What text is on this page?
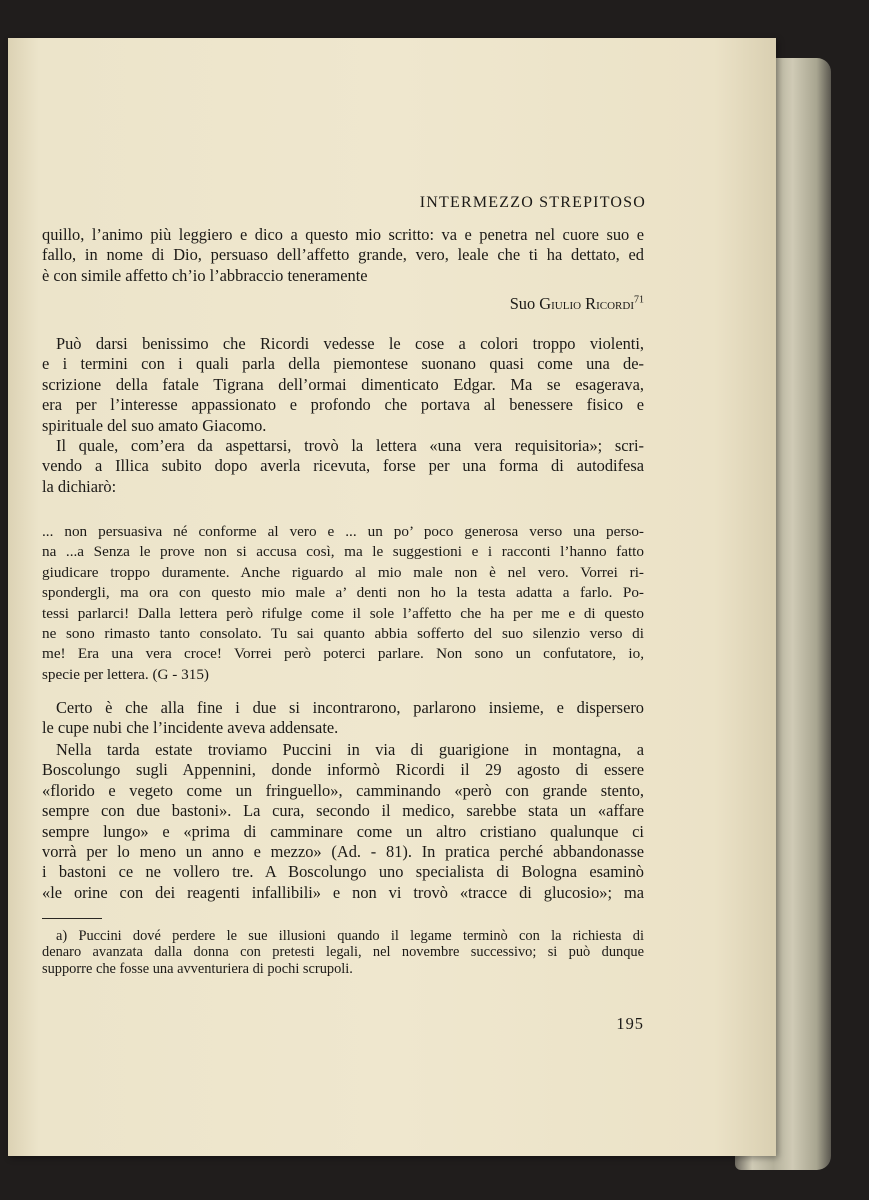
INTERMEZZO STREPITOSO
quillo, l’animo più leggiero e dico a questo mio scritto: va e penetra nel cuore suo e
fallo, in nome di Dio, persuaso dell’affetto grande, vero, leale che ti ha dettato, ed
è con simile affetto ch’io l’abbraccio teneramente
Suo Giulio Ricordi$^{71}$
Può darsi benissimo che Ricordi vedesse le cose a colori troppo violenti,
e i termini con i quali parla della piemontese suonano quasi come una de-
scrizione della fatale Tigrana dell’ormai dimenticato Edgar. Ma se esagerava,
era per l’interesse appassionato e profondo che portava al benessere fisico e
spirituale del suo amato Giacomo.
Il quale, com’era da aspettarsi, trovò la lettera «una vera requisitoria»; scri-
vendo a Illica subito dopo averla ricevuta, forse per una forma di autodifesa
la dichiarò:
... non persuasiva né conforme al vero e ... un po’ poco generosa verso una perso-
na ...a Senza le prove non si accusa così, ma le suggestioni e i racconti l’hanno fatto
giudicare troppo duramente. Anche riguardo al mio male non è nel vero. Vorrei ri-
spondergli, ma ora con questo mio male a’ denti non ho la testa adatta a farlo. Po-
tessi parlarci! Dalla lettera però rifulge come il sole l’affetto che ha per me e di questo
ne sono rimasto tanto consolato. Tu sai quanto abbia sofferto del suo silenzio verso di
me! Era una vera croce! Vorrei però poterci parlare. Non sono un confutatore, io,
specie per lettera. (G - 315)
Certo è che alla fine i due si incontrarono, parlarono insieme, e dispersero
le cupe nubi che l’incidente aveva addensate.
Nella tarda estate troviamo Puccini in via di guarigione in montagna, a
Boscolungo sugli Appennini, donde informò Ricordi il 29 agosto di essere
«florido e vegeto come un fringuello», camminando «però con grande stento,
sempre con due bastoni». La cura, secondo il medico, sarebbe stata un «affare
sempre lungo» e «prima di camminare come un altro cristiano qualunque ci
vorrà per lo meno un anno e mezzo» (Ad. - 81). In pratica perché abbandonasse
i bastoni ce ne vollero tre. A Boscolungo uno specialista di Bologna esaminò
«le orine con dei reagenti infallibili» e non vi trovò «tracce di glucosio»; ma
a) Puccini dové perdere le sue illusioni quando il legame terminò con la richiesta di
denaro avanzata dalla donna con pretesti legali, nel novembre successivo; si può dunque
supporre che fosse una avventuriera di pochi scrupoli.
195
